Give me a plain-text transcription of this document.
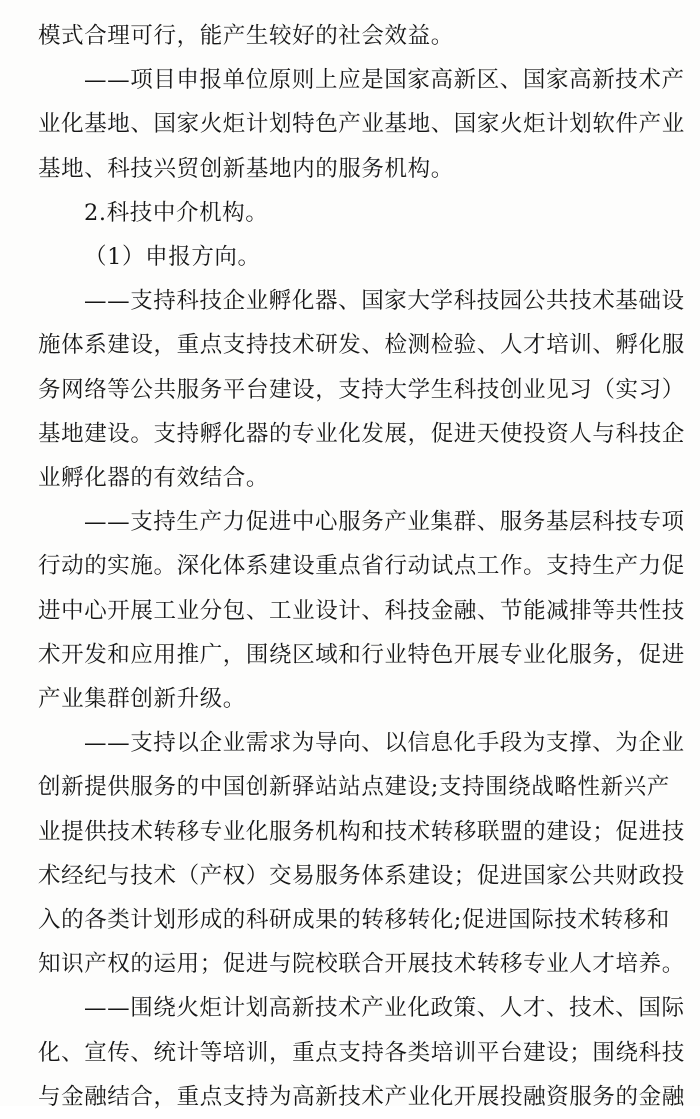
模式合理可行，能产生较好的社会效益。
——项目申报单位原则上应是国家高新区、国家高新技术产
业化基地、国家火炬计划特色产业基地、国家火炬计划软件产业
基地、科技兴贸创新基地内的服务机构。
2.科技中介机构。
（1）申报方向。
——支持科技企业孵化器、国家大学科技园公共技术基础设
施体系建设，重点支持技术研发、检测检验、人才培训、孵化服
务网络等公共服务平台建设，支持大学生科技创业见习（实习）
基地建设。支持孵化器的专业化发展，促进天使投资人与科技企
业孵化器的有效结合。
——支持生产力促进中心服务产业集群、服务基层科技专项
行动的实施。深化体系建设重点省行动试点工作。支持生产力促
进中心开展工业分包、工业设计、科技金融、节能减排等共性技
术开发和应用推广，围绕区域和行业特色开展专业化服务，促进
产业集群创新升级。
——支持以企业需求为导向、以信息化手段为支撑、为企业
创新提供服务的中国创新驿站站点建设;支持围绕战略性新兴产
业提供技术转移专业化服务机构和技术转移联盟的建设；促进技
术经纪与技术（产权）交易服务体系建设；促进国家公共财政投
入的各类计划形成的科研成果的转移转化;促进国际技术转移和
知识产权的运用；促进与院校联合开展技术转移专业人才培养。
——围绕火炬计划高新技术产业化政策、人才、技术、国际
化、宣传、统计等培训，重点支持各类培训平台建设；围绕科技
与金融结合，重点支持为高新技术产业化开展投融资服务的金融
